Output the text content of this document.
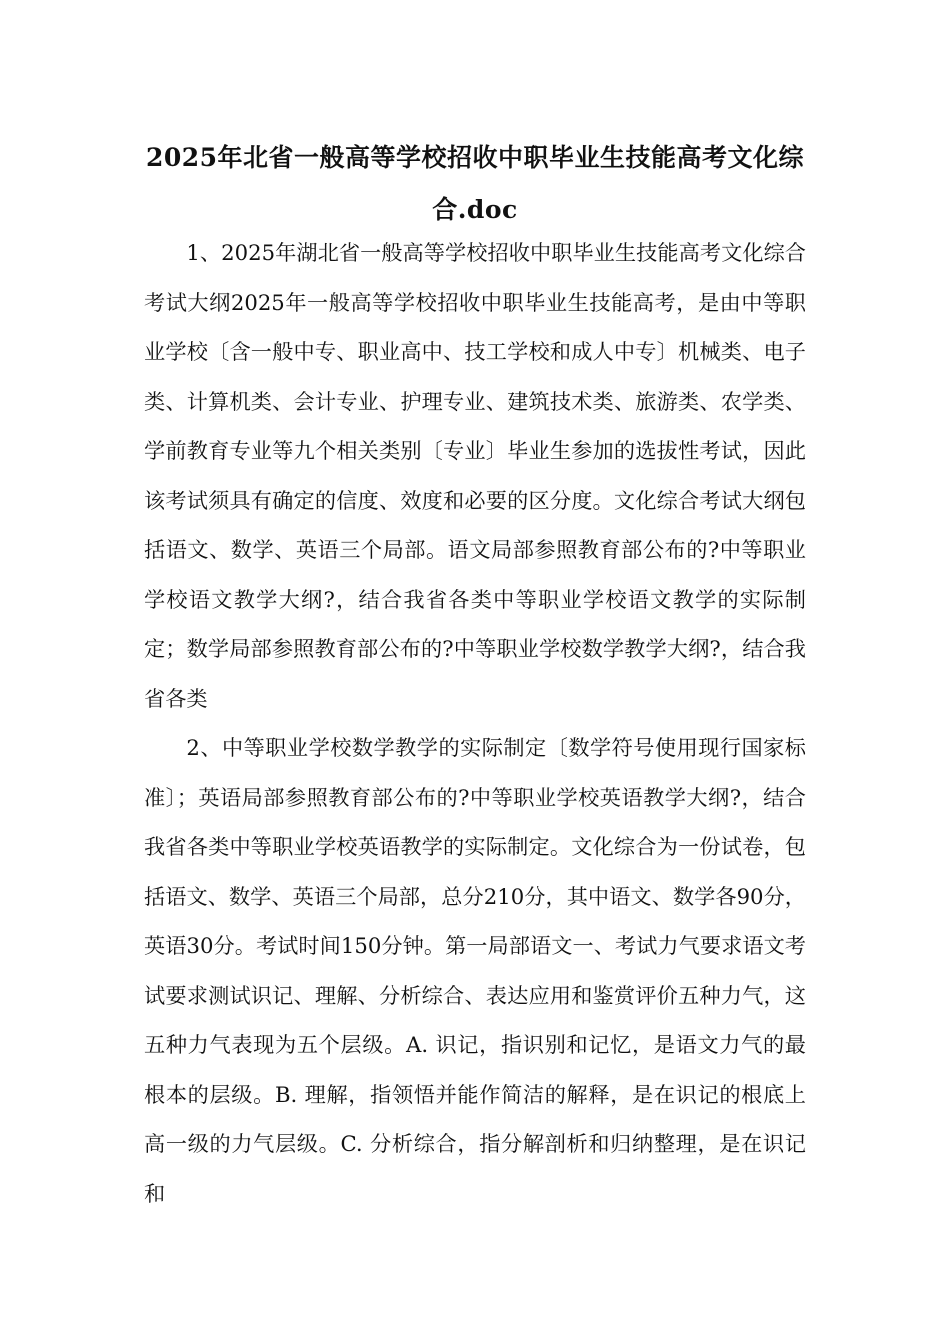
2025年北省一般高等学校招收中职毕业生技能高考文化综合.doc

1、2025年湖北省一般高等学校招收中职毕业生技能高考文化综合考试大纲2025年一般高等学校招收中职毕业生技能高考，是由中等职业学校〔含一般中专、职业高中、技工学校和成人中专〕机械类、电子类、计算机类、会计专业、护理专业、建筑技术类、旅游类、农学类、学前教育专业等九个相关类别〔专业〕毕业生参加的选拔性考试，因此该考试须具有确定的信度、效度和必要的区分度。文化综合考试大纲包括语文、数学、英语三个局部。语文局部参照教育部公布的?中等职业学校语文教学大纲?，结合我省各类中等职业学校语文教学的实际制定；数学局部参照教育部公布的?中等职业学校数学教学大纲?，结合我省各类

2、中等职业学校数学教学的实际制定〔数学符号使用现行国家标准〕；英语局部参照教育部公布的?中等职业学校英语教学大纲?，结合我省各类中等职业学校英语教学的实际制定。文化综合为一份试卷，包括语文、数学、英语三个局部，总分210分，其中语文、数学各90分，英语30分。考试时间150分钟。第一局部语文一、考试力气要求语文考试要求测试识记、理解、分析综合、表达应用和鉴赏评价五种力气，这五种力气表现为五个层级。A. 识记，指识别和记忆，是语文力气的最根本的层级。B. 理解，指领悟并能作简洁的解释，是在识记的根底上高一级的力气层级。C. 分析综合，指分解剖析和归纳整理，是在识记和
